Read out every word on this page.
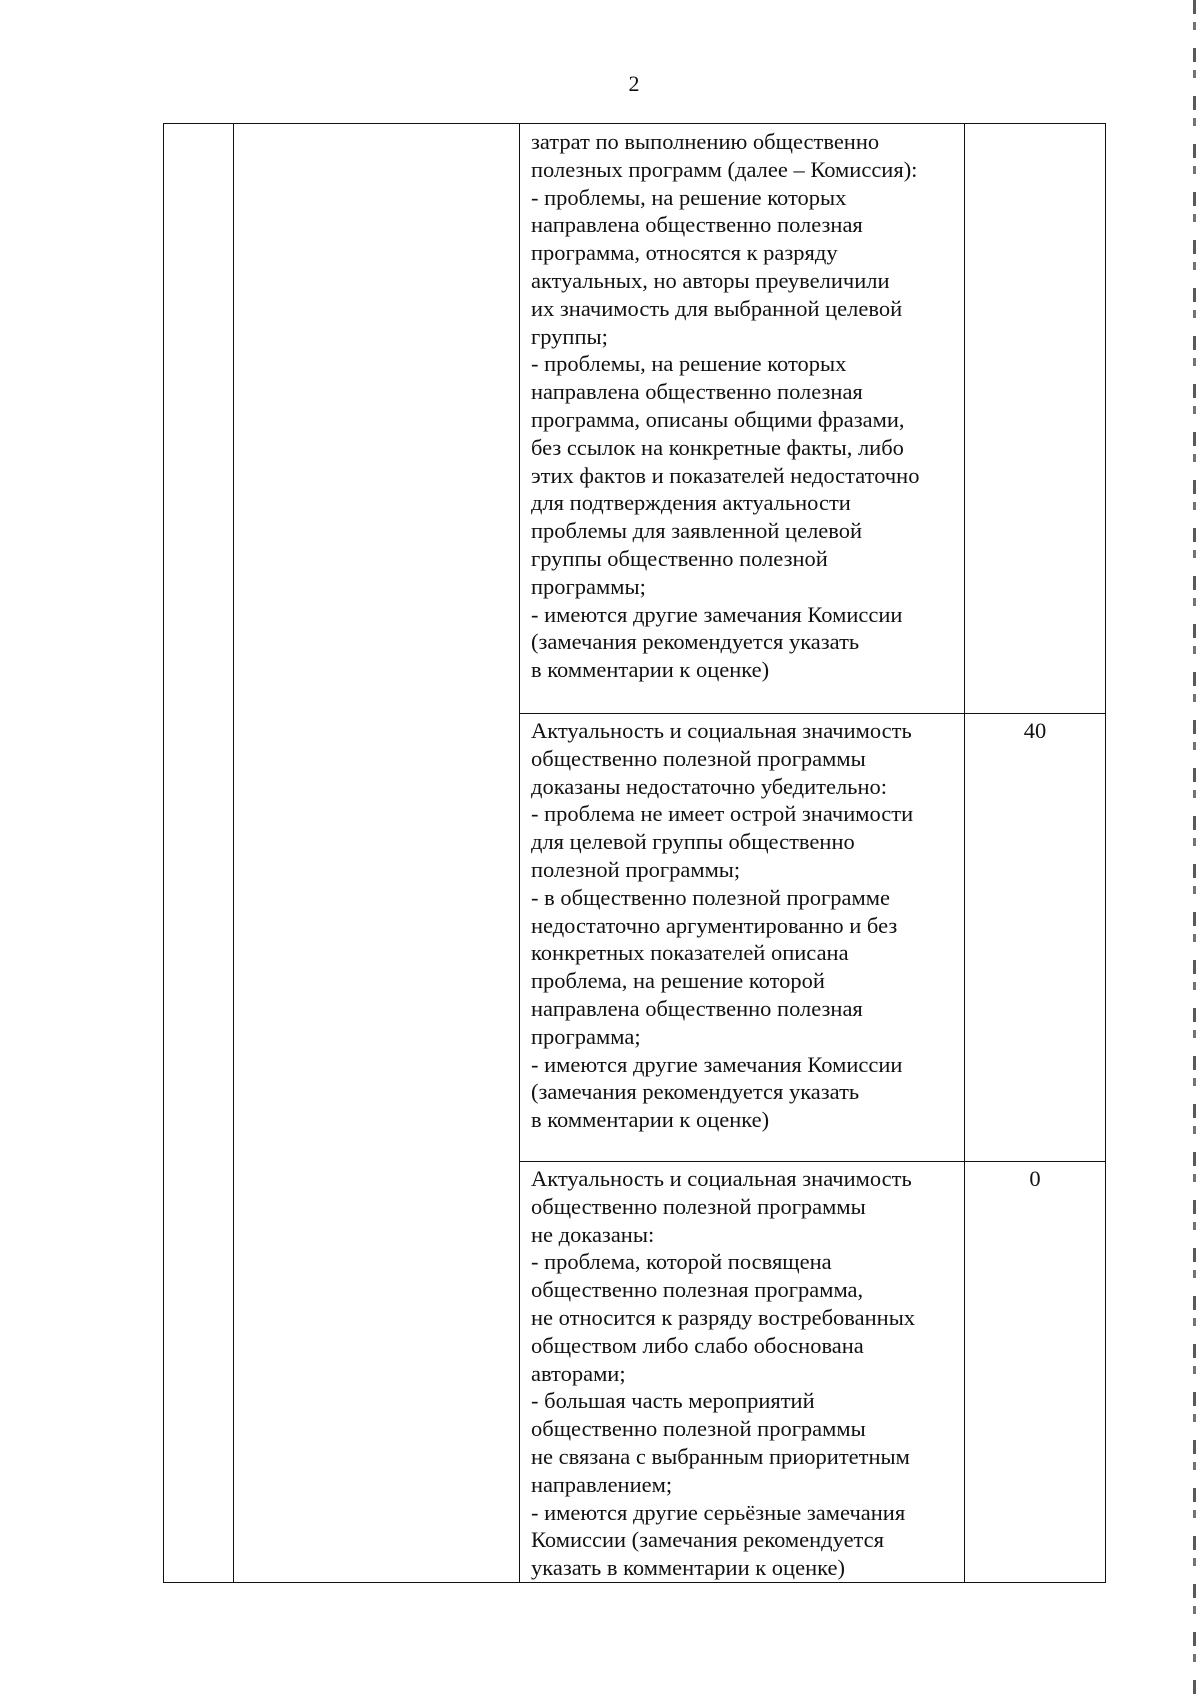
2
затрат по выполнению общественно
полезных программ (далее – Комиссия):
- проблемы, на решение которых
направлена общественно полезная
программа, относятся к разряду
актуальных, но авторы преувеличили
их значимость для выбранной целевой
группы;
- проблемы, на решение которых
направлена общественно полезная
программа, описаны общими фразами,
без ссылок на конкретные факты, либо
этих фактов и показателей недостаточно
для подтверждения актуальности
проблемы для заявленной целевой
группы общественно полезной
программы;
- имеются другие замечания Комиссии
(замечания рекомендуется указать
в комментарии к оценке)
Актуальность и социальная значимость
общественно полезной программы
доказаны недостаточно убедительно:
- проблема не имеет острой значимости
для целевой группы общественно
полезной программы;
- в общественно полезной программе
недостаточно аргументированно и без
конкретных показателей описана
проблема, на решение которой
направлена общественно полезная
программа;
- имеются другие замечания Комиссии
(замечания рекомендуется указать
в комментарии к оценке)
40
Актуальность и социальная значимость
общественно полезной программы
не доказаны:
- проблема, которой посвящена
общественно полезная программа,
не относится к разряду востребованных
обществом либо слабо обоснована
авторами;
- большая часть мероприятий
общественно полезной программы
не связана с выбранным приоритетным
направлением;
- имеются другие серьёзные замечания
Комиссии (замечания рекомендуется
указать в комментарии к оценке)
0
